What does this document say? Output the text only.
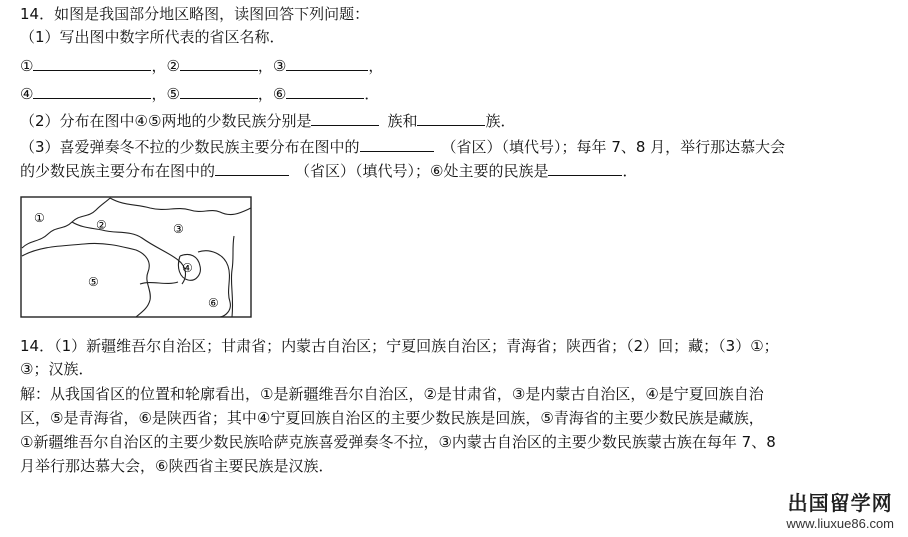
14．如图是我国部分地区略图，读图回答下列问题：
（1）写出图中数字所代表的省区名称．
①	，②	，③	，
④	，⑤	，⑥	．
（2）分布在图中④⑤两地的少数民族分别是	族和	族．
（3）喜爱弹奏冬不拉的少数民族主要分布在图中的	（省区）（填代号）；每年 7、8 月，举行那达慕大会
的少数民族主要分布在图中的	（省区）（填代号）；⑥处主要的民族是	．
①	②	③
④
⑤
⑥
14．（1）新疆维吾尔自治区；甘肃省；内蒙古自治区；宁夏回族自治区；青海省；陕西省；（2）回；藏；（3）①；
③；汉族．
解：从我国省区的位置和轮廓看出，①是新疆维吾尔自治区，②是甘肃省，③是内蒙古自治区，④是宁夏回族自治
区，⑤是青海省，⑥是陕西省；其中④宁夏回族自治区的主要少数民族是回族，⑤青海省的主要少数民族是藏族，
①新疆维吾尔自治区的主要少数民族哈萨克族喜爱弹奏冬不拉，③内蒙古自治区的主要少数民族蒙古族在每年 7、8
月举行那达慕大会，⑥陕西省主要民族是汉族．
出国留学网
www.liuxue86.com
